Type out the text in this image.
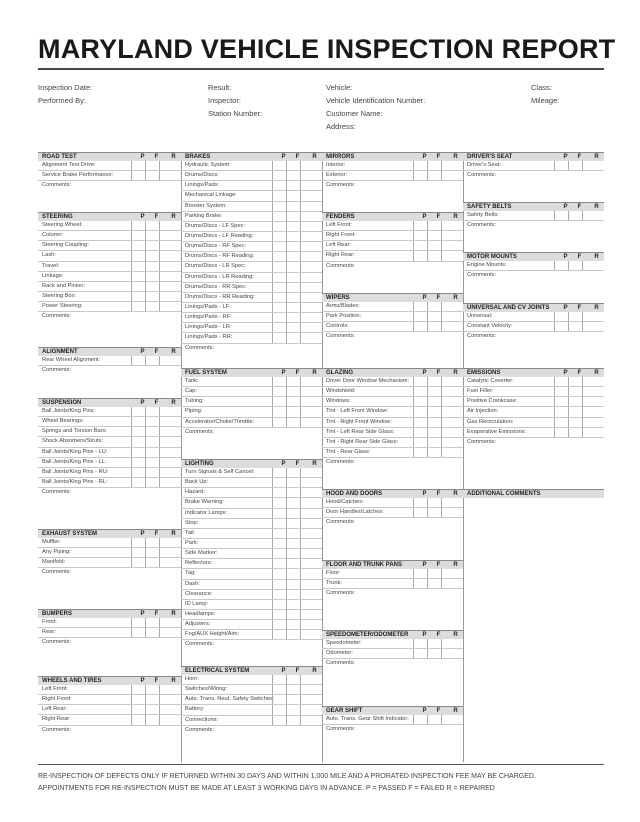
MARYLAND VEHICLE INSPECTION REPORT
Inspection Date:
Performed By:
Result:
Inspector:
Station Number:
Vehicle:
Vehicle Identification Number:
Customer Name:
Address:
Class:
Mileage:
ROAD TEST	P	F	R
Alignment Test Drive:
Service Brake Performance:
Comments:
STEERING	P	F	R
Steering Wheel:
Column:
Steering Coupling:
Lash:
Travel:
Linkage:
Rack and Pinion:
Steering Box:
Power Steering:
Comments:
ALIGNMENT	P	F	R
Rear Wheel Alignment:
Comments:
SUSPENSION	P	F	R
Ball Joints/King Pins:
Wheel Bearings:
Springs and Torsion Bars:
Shock Absorbers/Struts:
Ball Joints/King Pins - LU:
Ball Joints/King Pins - LL:
Ball Joints/King Pins - RU:
Ball Joints/King Pins - RL:
Comments:
EXHAUST SYSTEM	P	F	R
Muffler:
Any Piping:
Manifold:
Comments:
BUMPERS	P	F	R
Front:
Rear:
Comments:
WHEELS AND TIRES	P	F	R
Left Front:
Right Front:
Left Rear:
Right Rear:
Comments:
BRAKES	P	F	R
Hydraulic System:
Drums/Discs:
Linings/Pads:
Mechanical Linkage:
Booster System:
Parking Brake:
Drums/Discs - LF Spec:
Drums/Discs - LF Reading:
Drums/Discs - RF Spec:
Drums/Discs - RF Reading:
Drums/Discs - LR Spec:
Drums/Discs - LR Reading:
Drums/Discs - RR Spec:
Drums/Discs - RR Reading:
Linings/Pads - LF:
Linings/Pads - RF:
Linings/Pads - LR:
Linings/Pads - RR:
Comments:
FUEL SYSTEM	P	F	R
Tank:
Cap:
Tubing:
Piping:
Accelerator/Choke/Throttle:
Comments:
LIGHTING	P	F	R
Turn Signals & Self Cancel:
Back Up:
Hazard:
Brake Warning:
Indicator Lamps:
Stop:
Tail:
Park:
Side Marker:
Reflectors:
Tag:
Dash:
Clearance:
ID Lamp:
Headlamps:
Adjusters:
Fog/AUX Height/Aim:
Comments:
ELECTRICAL SYSTEM	P	F	R
Horn:
Switches/Wiring:
Auto. Trans. Neut. Safety Switches:
Battery:
Connections:
Comments:
MIRRORS	P	F	R
Interior:
Exterior:
Comments:
FENDERS	P	F	R
Left Front:
Right Front:
Left Rear:
Right Rear:
Comments:
WIPERS	P	F	R
Arms/Blades:
Park Position:
Controls:
Comments:
GLAZING	P	F	R
Driver Door Window Mechanism:
Windshield:
Windows:
Tint - Left Front Window:
Tint - Right Front Window:
Tint - Left Rear Side Glass:
Tint - Right Rear Side Glass:
Tint - Rear Glass:
Comments:
HOOD AND DOORS	P	F	R
Hood/Catches:
Door Handles/Latches:
Comments:
FLOOR AND TRUNK PANS	P	F	R
Floor:
Trunk:
Comments:
SPEEDOMETER/ODOMETER	P	F	R
Speedometer:
Odometer:
Comments:
GEAR SHIFT	P	F	R
Auto. Trans. Gear Shift Indicator:
Comments:
DRIVER'S SEAT	P	F	R
Driver's Seat:
Comments:
SAFETY BELTS	P	F	R
Safety Belts:
Comments:
MOTOR MOUNTS	P	F	R
Engine Mounts:
Comments:
UNIVERSAL AND CV JOINTS	P	F	R
Universal:
Constant Velocity:
Comments:
EMISSIONS	P	F	R
Catalytic Coverter:
Fuel Filler:
Positive Crankcase:
Air Injection:
Gas Recirculation:
Evaporative Emissions:
Comments:
ADDITIONAL COMMENTS
RE-INSPECTION OF DEFECTS ONLY IF RETURNED WITHIN 30 DAYS AND WITHIN 1,000 MILE AND A PRORATED INSPECTION FEE MAY BE CHARGED.
APPOINTMENTS FOR RE-INSPECTION MUST BE MADE AT LEAST 3 WORKING DAYS IN ADVANCE. P = PASSED F = FAILED R = REPAIRED
